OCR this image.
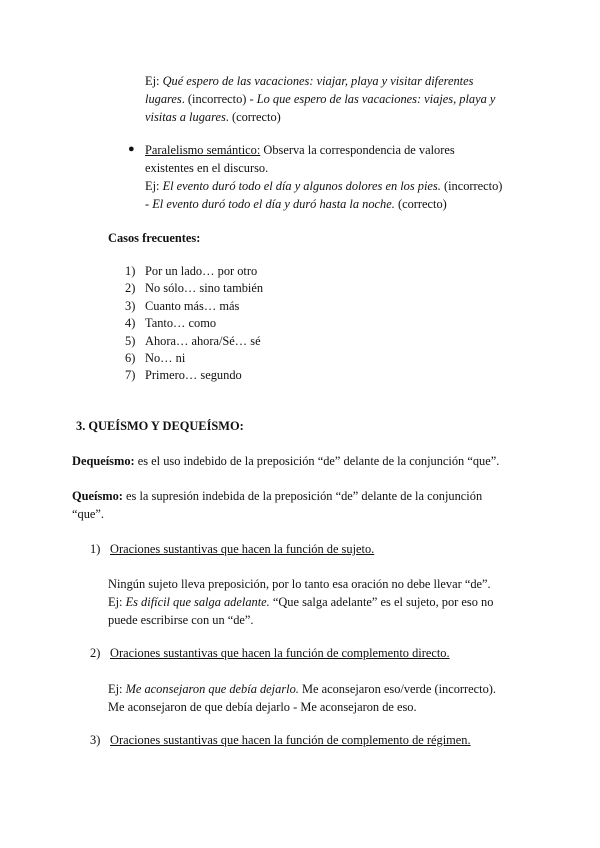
Ej: Qué espero de las vacaciones: viajar, playa y visitar diferentes
lugares. (incorrecto) - Lo que espero de las vacaciones: viajes, playa y
visitas a lugares. (correcto)
● Paralelismo semántico: Observa la correspondencia de valores
existentes en el discurso.
Ej: El evento duró todo el día y algunos dolores en los pies. (incorrecto)
- El evento duró todo el día y duró hasta la noche. (correcto)
Casos frecuentes:
1) Por un lado… por otro
2) No sólo… sino también
3) Cuanto más… más
4) Tanto… como
5) Ahora… ahora/Sé… sé
6) No… ni
7) Primero… segundo
3. QUEÍSMO Y DEQUEÍSMO:
Dequeísmo: es el uso indebido de la preposición “de” delante de la conjunción “que”.
Queísmo: es la supresión indebida de la preposición “de” delante de la conjunción
“que”.
1) Oraciones sustantivas que hacen la función de sujeto.
Ningún sujeto lleva preposición, por lo tanto esa oración no debe llevar “de”.
Ej: Es difícil que salga adelante. “Que salga adelante” es el sujeto, por eso no
puede escribirse con un “de”.
2) Oraciones sustantivas que hacen la función de complemento directo.
Ej: Me aconsejaron que debía dejarlo. Me aconsejaron eso/verde (incorrecto).
Me aconsejaron de que debía dejarlo - Me aconsejaron de eso.
3) Oraciones sustantivas que hacen la función de complemento de régimen.
